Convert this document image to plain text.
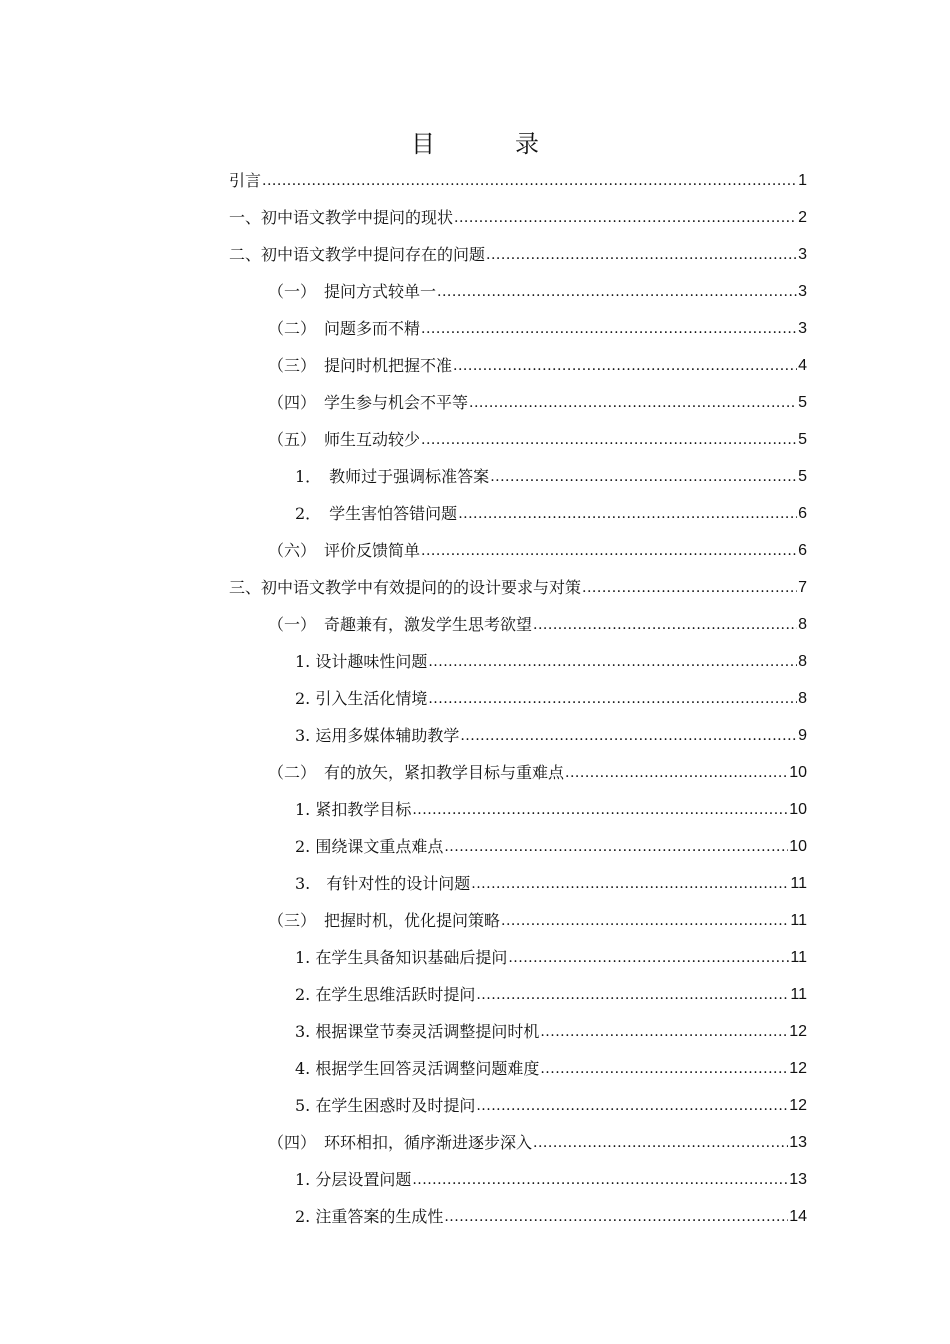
目　录
引言 .....	1
一、初中语文教学中提问的现状 .....	2
二、初中语文教学中提问存在的问题 .....	3
（一）　提问方式较单一 .....	3
（二）　问题多而不精 .....	3
（三）　提问时机把握不准 .....	4
（四）　学生参与机会不平等 .....	5
（五）　师生互动较少 .....	5
1．　教师过于强调标准答案 .....	5
2．　学生害怕答错问题 .....	6
（六）　评价反馈简单 .....	6
三、初中语文教学中有效提问的的设计要求与对策 .....	7
（一）　奇趣兼有，激发学生思考欲望 .....	8
1. 设计趣味性问题 .....	8
2. 引入生活化情境 .....	8
3. 运用多媒体辅助教学 .....	9
（二）　有的放矢，紧扣教学目标与重难点 .....	10
1. 紧扣教学目标 .....	10
2. 围绕课文重点难点 .....	10
3.　有针对性的设计问题 .....	11
（三）　把握时机，优化提问策略 .....	11
1. 在学生具备知识基础后提问 .....	11
2. 在学生思维活跃时提问 .....	11
3. 根据课堂节奏灵活调整提问时机 .....	12
4. 根据学生回答灵活调整问题难度 .....	12
5. 在学生困惑时及时提问 .....	12
（四）　环环相扣，循序渐进逐步深入 .....	13
1. 分层设置问题 .....	13
2. 注重答案的生成性 .....	14
